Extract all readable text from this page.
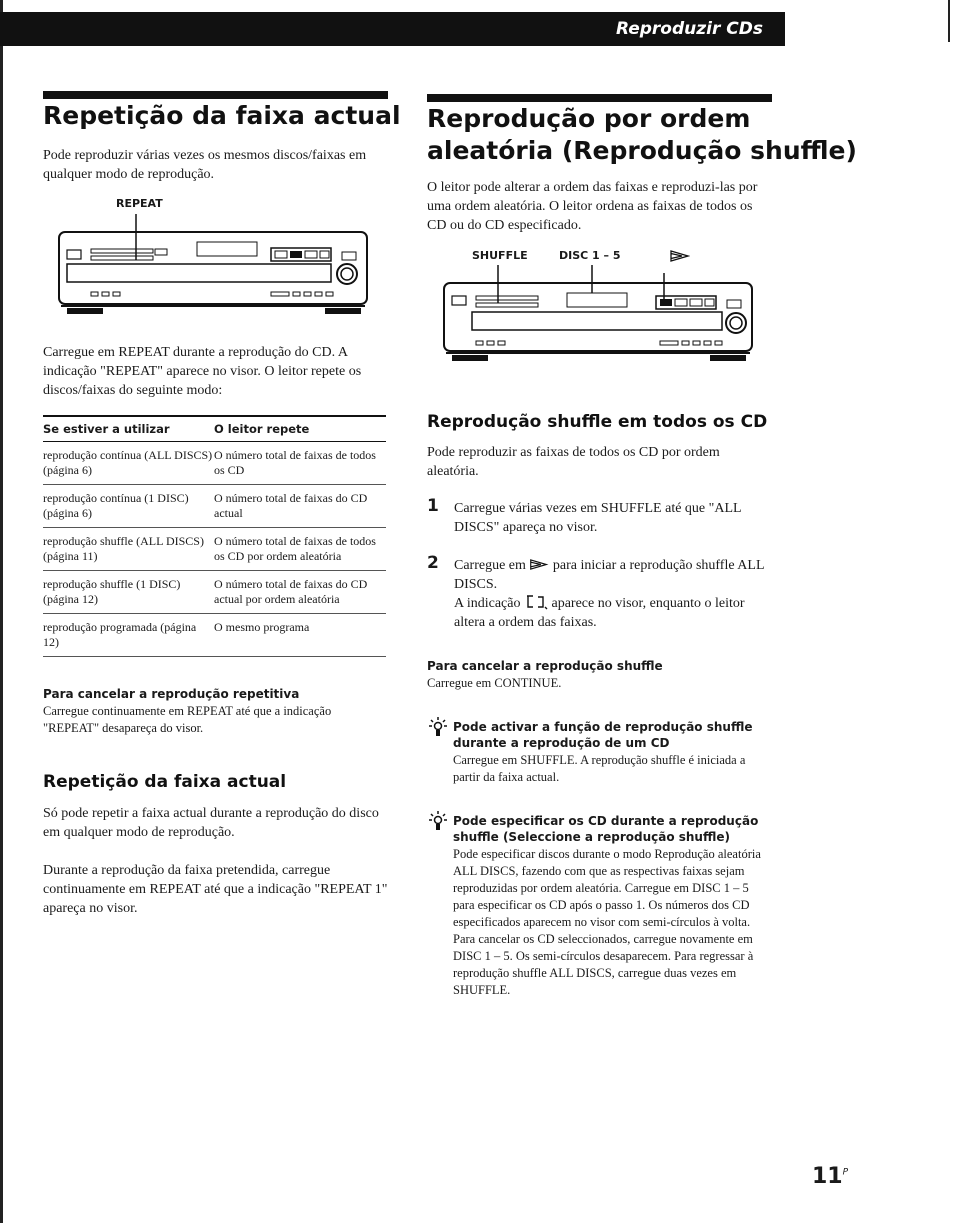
Reproduzir CDs
Repetição da faixa actual
Pode reproduzir várias vezes os mesmos discos/faixas em qualquer modo de reprodução.
REPEAT
Carregue em REPEAT durante a reprodução do CD. A indicação "REPEAT" aparece no visor. O leitor repete os discos/faixas do seguinte modo:
Se estiver a utilizar	O leitor repete
reprodução contínua (ALL DISCS) (página 6)	O número total de faixas de todos os CD
reprodução contínua (1 DISC) (página 6)	O número total de faixas do CD actual
reprodução shuffle (ALL DISCS) (página 11)	O número total de faixas de todos os CD por ordem aleatória
reprodução shuffle (1 DISC) (página 12)	O número total de faixas do CD actual por ordem aleatória
reprodução programada (página 12)	O mesmo programa
Para cancelar a reprodução repetitiva
Carregue continuamente em REPEAT até que a indicação "REPEAT" desapareça do visor.
Repetição da faixa actual
Só pode repetir a faixa actual durante a reprodução do disco em qualquer modo de reprodução.
Durante a reprodução da faixa pretendida, carregue continuamente em REPEAT até que a indicação "REPEAT 1" apareça no visor.
Reprodução por ordem
aleatória (Reprodução shuffle)
O leitor pode alterar a ordem das faixas e reproduzi-las por uma ordem aleatória. O leitor ordena as faixas de todos os CD ou do CD especificado.
SHUFFLE	DISC 1 – 5
Reprodução shuffle em todos os CD
Pode reproduzir as faixas de todos os CD por ordem aleatória.
1 Carregue várias vezes em SHUFFLE até que "ALL DISCS" apareça no visor.
2 Carregue em para iniciar a reprodução shuffle ALL DISCS.
A indicação aparece no visor, enquanto o leitor altera a ordem das faixas.
Para cancelar a reprodução shuffle
Carregue em CONTINUE.
Pode activar a função de reprodução shuffle durante a reprodução de um CD
Carregue em SHUFFLE. A reprodução shuffle é iniciada a partir da faixa actual.
Pode especificar os CD durante a reprodução shuffle (Seleccione a reprodução shuffle)
Pode especificar discos durante o modo Reprodução aleatória ALL DISCS, fazendo com que as respectivas faixas sejam reproduzidas por ordem aleatória. Carregue em DISC 1 – 5 para especificar os CD após o passo 1. Os números dos CD especificados aparecem no visor com semi-círculos à volta. Para cancelar os CD seleccionados, carregue novamente em DISC 1 – 5. Os semi-círculos desaparecem. Para regressar à reprodução shuffle ALL DISCS, carregue duas vezes em SHUFFLE.
$11^P$
